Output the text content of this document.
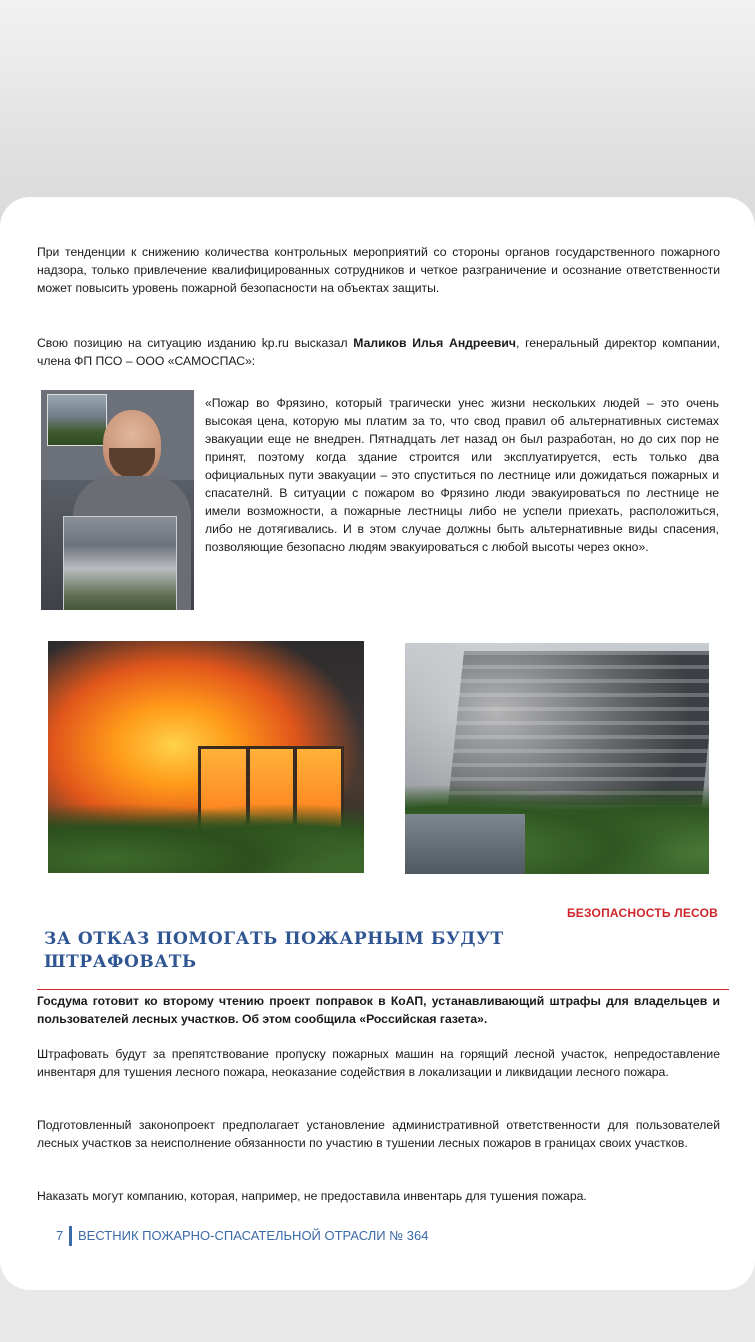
При тенденции к снижению количества контрольных мероприятий со стороны органов государственного пожарного надзора, только привлечение квалифицированных сотрудников и четкое разграничение и осознание ответственности может повысить уровень пожарной безопасности на объектах защиты.

Свою позицию на ситуацию изданию kp.ru высказал Маликов Илья Андреевич, генеральный директор компании, члена ФП ПСО – ООО «САМОСПАС»:

«Пожар во Фрязино, который трагически унес жизни нескольких людей – это очень высокая цена, которую мы платим за то, что свод правил об альтернативных системах эвакуации еще не внедрен. Пятнадцать лет назад он был разработан, но до сих пор не принят, поэтому когда здание строится или эксплуатируется, есть только два официальных пути эвакуации – это спуститься по лестнице или дожидаться пожарных и спасателнй. В ситуации с пожаром во Фрязино люди эвакуироваться по лестнице не имели возможности, а пожарные лестницы либо не успели приехать, расположиться, либо не дотягивались. И в этом случае должны быть альтернативные виды спасения, позволяющие безопасно людям эвакуироваться с любой высоты через окно».

БЕЗОПАСНОСТЬ ЛЕСОВ
ЗА ОТКАЗ ПОМОГАТЬ ПОЖАРНЫМ БУДУТ ШТРАФОВАТЬ

Госдума готовит ко второму чтению проект поправок в КоАП, устанавливающий штрафы для владельцев и пользователей лесных участков. Об этом сообщила «Российская газета».

Штрафовать будут за препятствование пропуску пожарных машин на горящий лесной участок, непредоставление инвентаря для тушения лесного пожара, неоказание содействия в локализации и ликвидации лесного пожара.

Подготовленный законопроект предполагает установление административной ответственности для пользователей лесных участков за неисполнение обязанности по участию в тушении лесных пожаров в границах своих участков.

Наказать могут компанию, которая, например, не предоставила инвентарь для тушения пожара.

7 ВЕСТНИК ПОЖАРНО-СПАСАТЕЛЬНОЙ ОТРАСЛИ № 364
